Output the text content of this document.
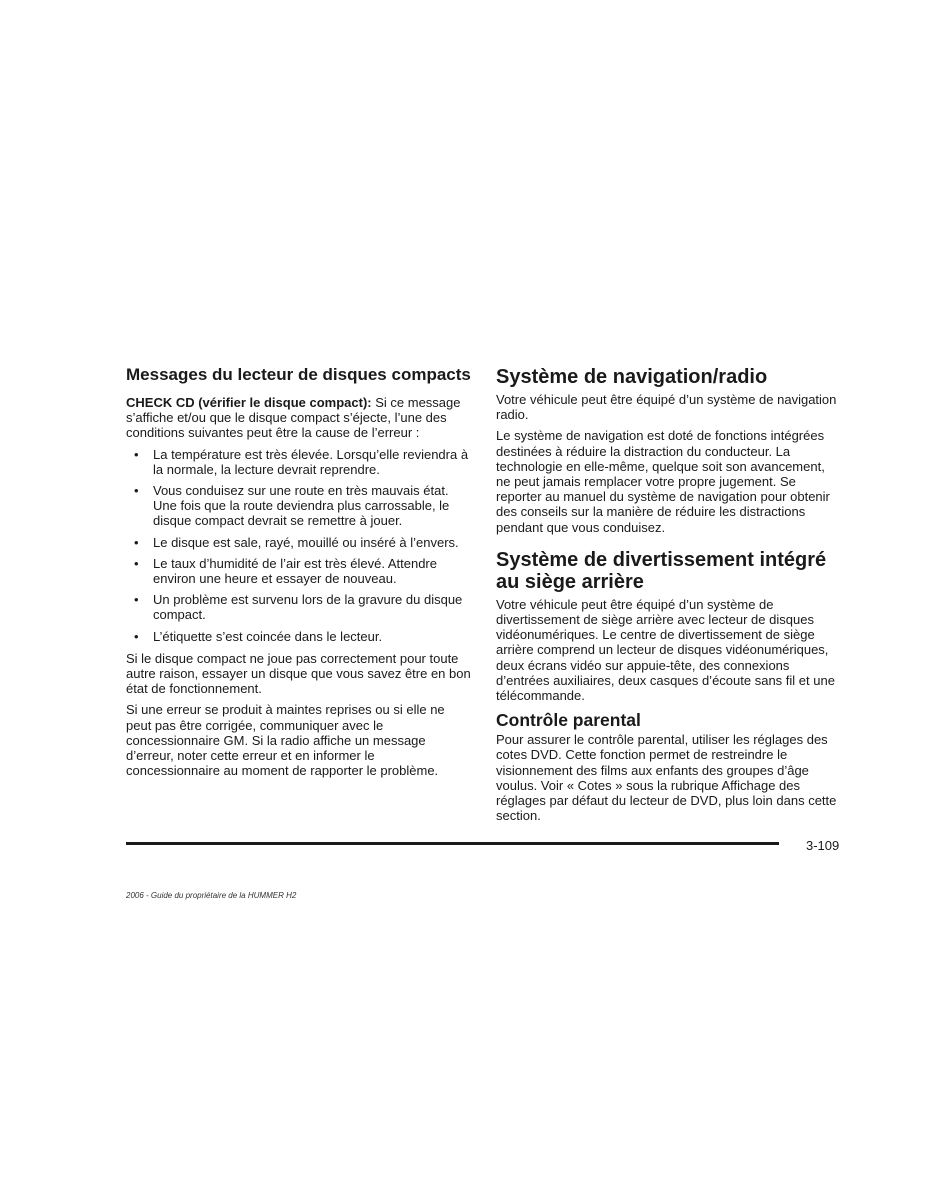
Messages du lecteur de disques compacts

CHECK CD (vérifier le disque compact): Si ce message s’affiche et/ou que le disque compact s’éjecte, l’une des conditions suivantes peut être la cause de l’erreur :

• La température est très élevée. Lorsqu’elle reviendra à la normale, la lecture devrait reprendre.
• Vous conduisez sur une route en très mauvais état. Une fois que la route deviendra plus carrossable, le disque compact devrait se remettre à jouer.
• Le disque est sale, rayé, mouillé ou inséré à l’envers.
• Le taux d’humidité de l’air est très élevé. Attendre environ une heure et essayer de nouveau.
• Un problème est survenu lors de la gravure du disque compact.
• L’étiquette s’est coincée dans le lecteur.

Si le disque compact ne joue pas correctement pour toute autre raison, essayer un disque que vous savez être en bon état de fonctionnement.

Si une erreur se produit à maintes reprises ou si elle ne peut pas être corrigée, communiquer avec le concessionnaire GM. Si la radio affiche un message d’erreur, noter cette erreur et en informer le concessionnaire au moment de rapporter le problème.

Système de navigation/radio

Votre véhicule peut être équipé d’un système de navigation radio.

Le système de navigation est doté de fonctions intégrées destinées à réduire la distraction du conducteur. La technologie en elle-même, quelque soit son avancement, ne peut jamais remplacer votre propre jugement. Se reporter au manuel du système de navigation pour obtenir des conseils sur la manière de réduire les distractions pendant que vous conduisez.

Système de divertissement intégré au siège arrière

Votre véhicule peut être équipé d’un système de divertissement de siège arrière avec lecteur de disques vidéonumériques. Le centre de divertissement de siège arrière comprend un lecteur de disques vidéonumériques, deux écrans vidéo sur appuie-tête, des connexions d’entrées auxiliaires, deux casques d’écoute sans fil et une télécommande.

Contrôle parental

Pour assurer le contrôle parental, utiliser les réglages des cotes DVD. Cette fonction permet de restreindre le visionnement des films aux enfants des groupes d’âge voulus. Voir « Cotes » sous la rubrique Affichage des réglages par défaut du lecteur de DVD, plus loin dans cette section.

3-109
2006 - Guide du propriétaire de la HUMMER H2
